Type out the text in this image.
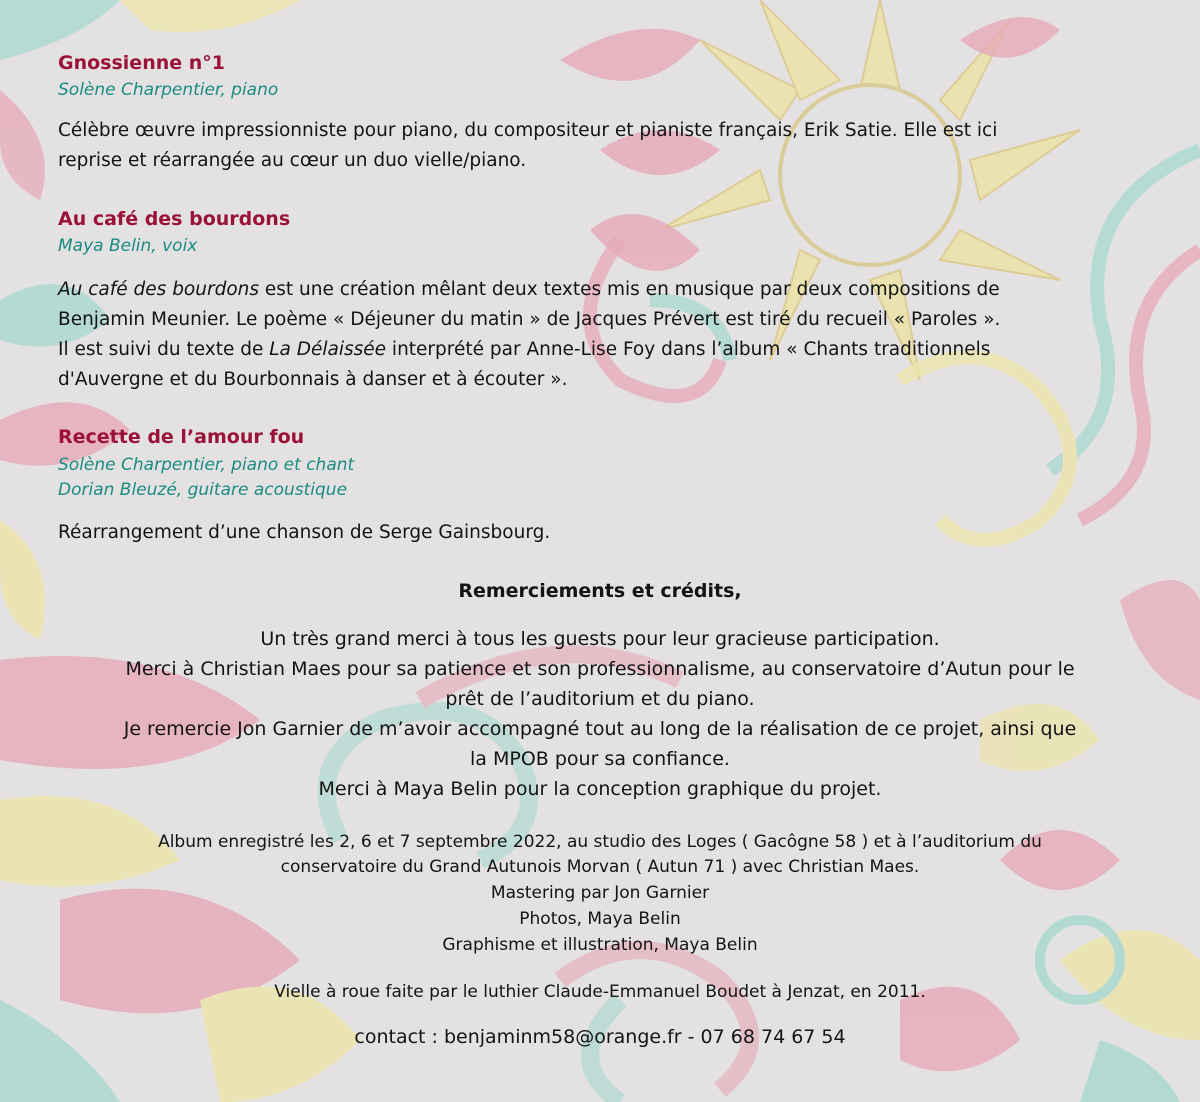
Gnossienne n°1

Solène Charpentier, piano

Célèbre œuvre impressionniste pour piano, du compositeur et pianiste français, Erik Satie. Elle est ici
reprise et réarrangée au cœur un duo vielle/piano.
Au café des bourdons

Maya Belin, voix

Au café des bourdons est une création mêlant deux textes mis en musique par deux compositions de
Benjamin Meunier. Le poème « Déjeuner du matin » de Jacques Prévert est tiré du recueil « Paroles ».
Il est suivi du texte de La Délaissée interprété par Anne-Lise Foy dans l’album « Chants traditionnels
d'Auvergne et du Bourbonnais à danser et à écouter ».
Recette de l’amour fou

Solène Charpentier, piano et chant

Dorian Bleuzé, guitare acoustique

Réarrangement d’une chanson de Serge Gainsbourg.

Remerciements et crédits,

Un très grand merci à tous les guests pour leur gracieuse participation.

Merci à Christian Maes pour sa patience et son professionnalisme, au conservatoire d’Autun pour le

prêt de l’auditorium et du piano.

Je remercie Jon Garnier de m’avoir accompagné tout au long de la réalisation de ce projet, ainsi que

la MPOB pour sa confiance.

Merci à Maya Belin pour la conception graphique du projet.

Album enregistré les 2, 6 et 7 septembre 2022, au studio des Loges ( Gacôgne 58 ) et à l’auditorium du

conservatoire du Grand Autunois Morvan ( Autun 71 ) avec Christian Maes.

Mastering par Jon Garnier

Photos, Maya Belin

Graphisme et illustration, Maya Belin

Vielle à roue faite par le luthier Claude-Emmanuel Boudet à Jenzat, en 2011.

contact : benjaminm58@orange.fr - 07 68 74 67 54
